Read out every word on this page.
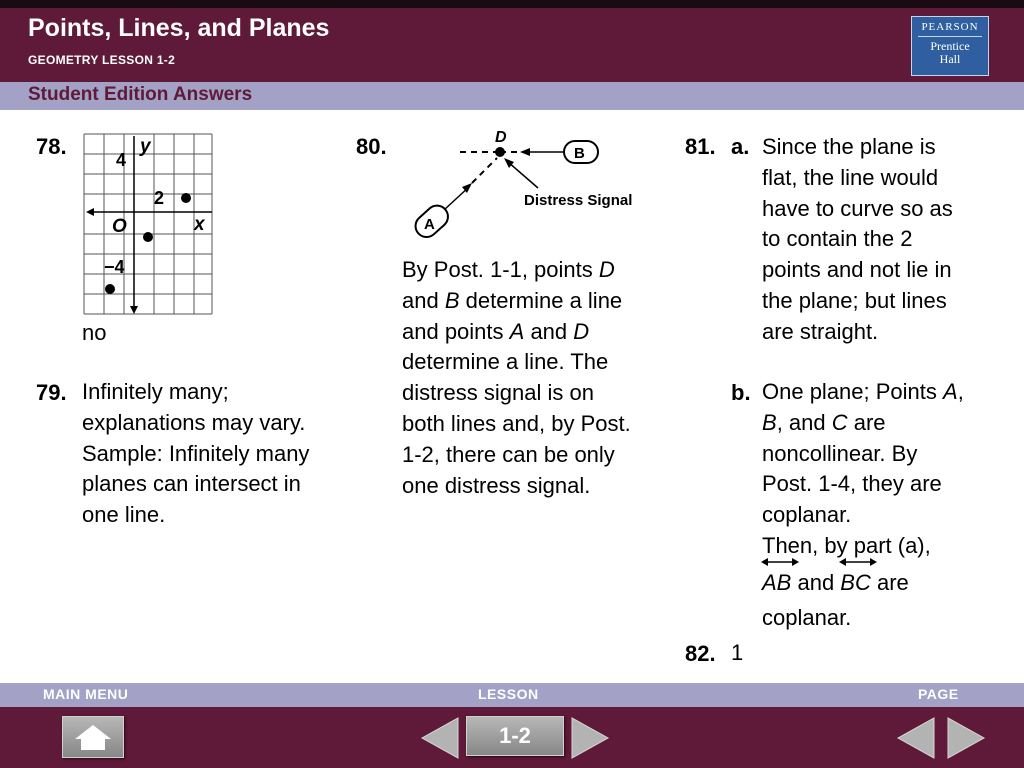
Points, Lines, and Planes
GEOMETRY LESSON 1-2
PEARSON
Prentice
Hall
Student Edition Answers
78.	y
x
O
4
2
−4
no
79. Infinitely many;
explanations may vary.
Sample: Infinitely many
planes can intersect in
one line.
80.	D
B
A
Distress Signal
By Post. 1-1, points D
and B determine a line
and points A and D
determine a line. The
distress signal is on
both lines and, by Post.
1-2, there can be only
one distress signal.
81. a. Since the plane is
flat, the line would
have to curve so as
to contain the 2
points and not lie in
the plane; but lines
are straight.
b. One plane; Points A,
B, and C are
noncollinear. By
Post. 1-4, they are
coplanar.
Then, by part (a),
AB and
BC are
coplanar.
82. 1
MAIN MENU	LESSON	PAGE
1-2
